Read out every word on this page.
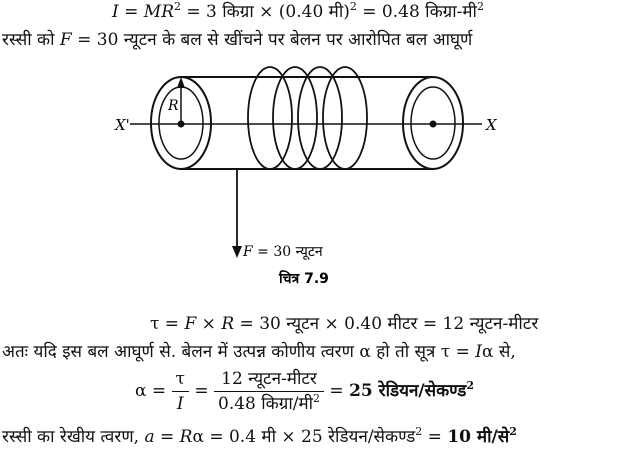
$I = MR^2 = 3$ किग्रा × (0.40 मी)$^2$ = 0.48 किग्रा-मी$^2$
रस्सी को F = 30 न्यूटन के बल से खींचने पर बेलन पर आरोपित बल आघूर्ण
R
X'	X
F = 30 न्यूटन
चित्र 7.9
τ = F × R = 30 न्यूटन × 0.40 मीटर = 12 न्यूटन-मीटर
अतः यदि इस बल आघूर्ण से. बेलन में उत्पन्न कोणीय त्वरण α हो तो सूत्र τ = Iα से,
$\alpha = \frac{\tau}{I} = \frac{\text{12 न्यूटन-मीटर}}{0.48 किग्रा/मी^2} = 25$ रेडियन/सेकण्ड$^2$
रस्सी का रेखीय त्वरण, a = Rα = 0.4 मी × 25 रेडियन/सेकण्ड$^2$ = 10 मी/से$^2$
